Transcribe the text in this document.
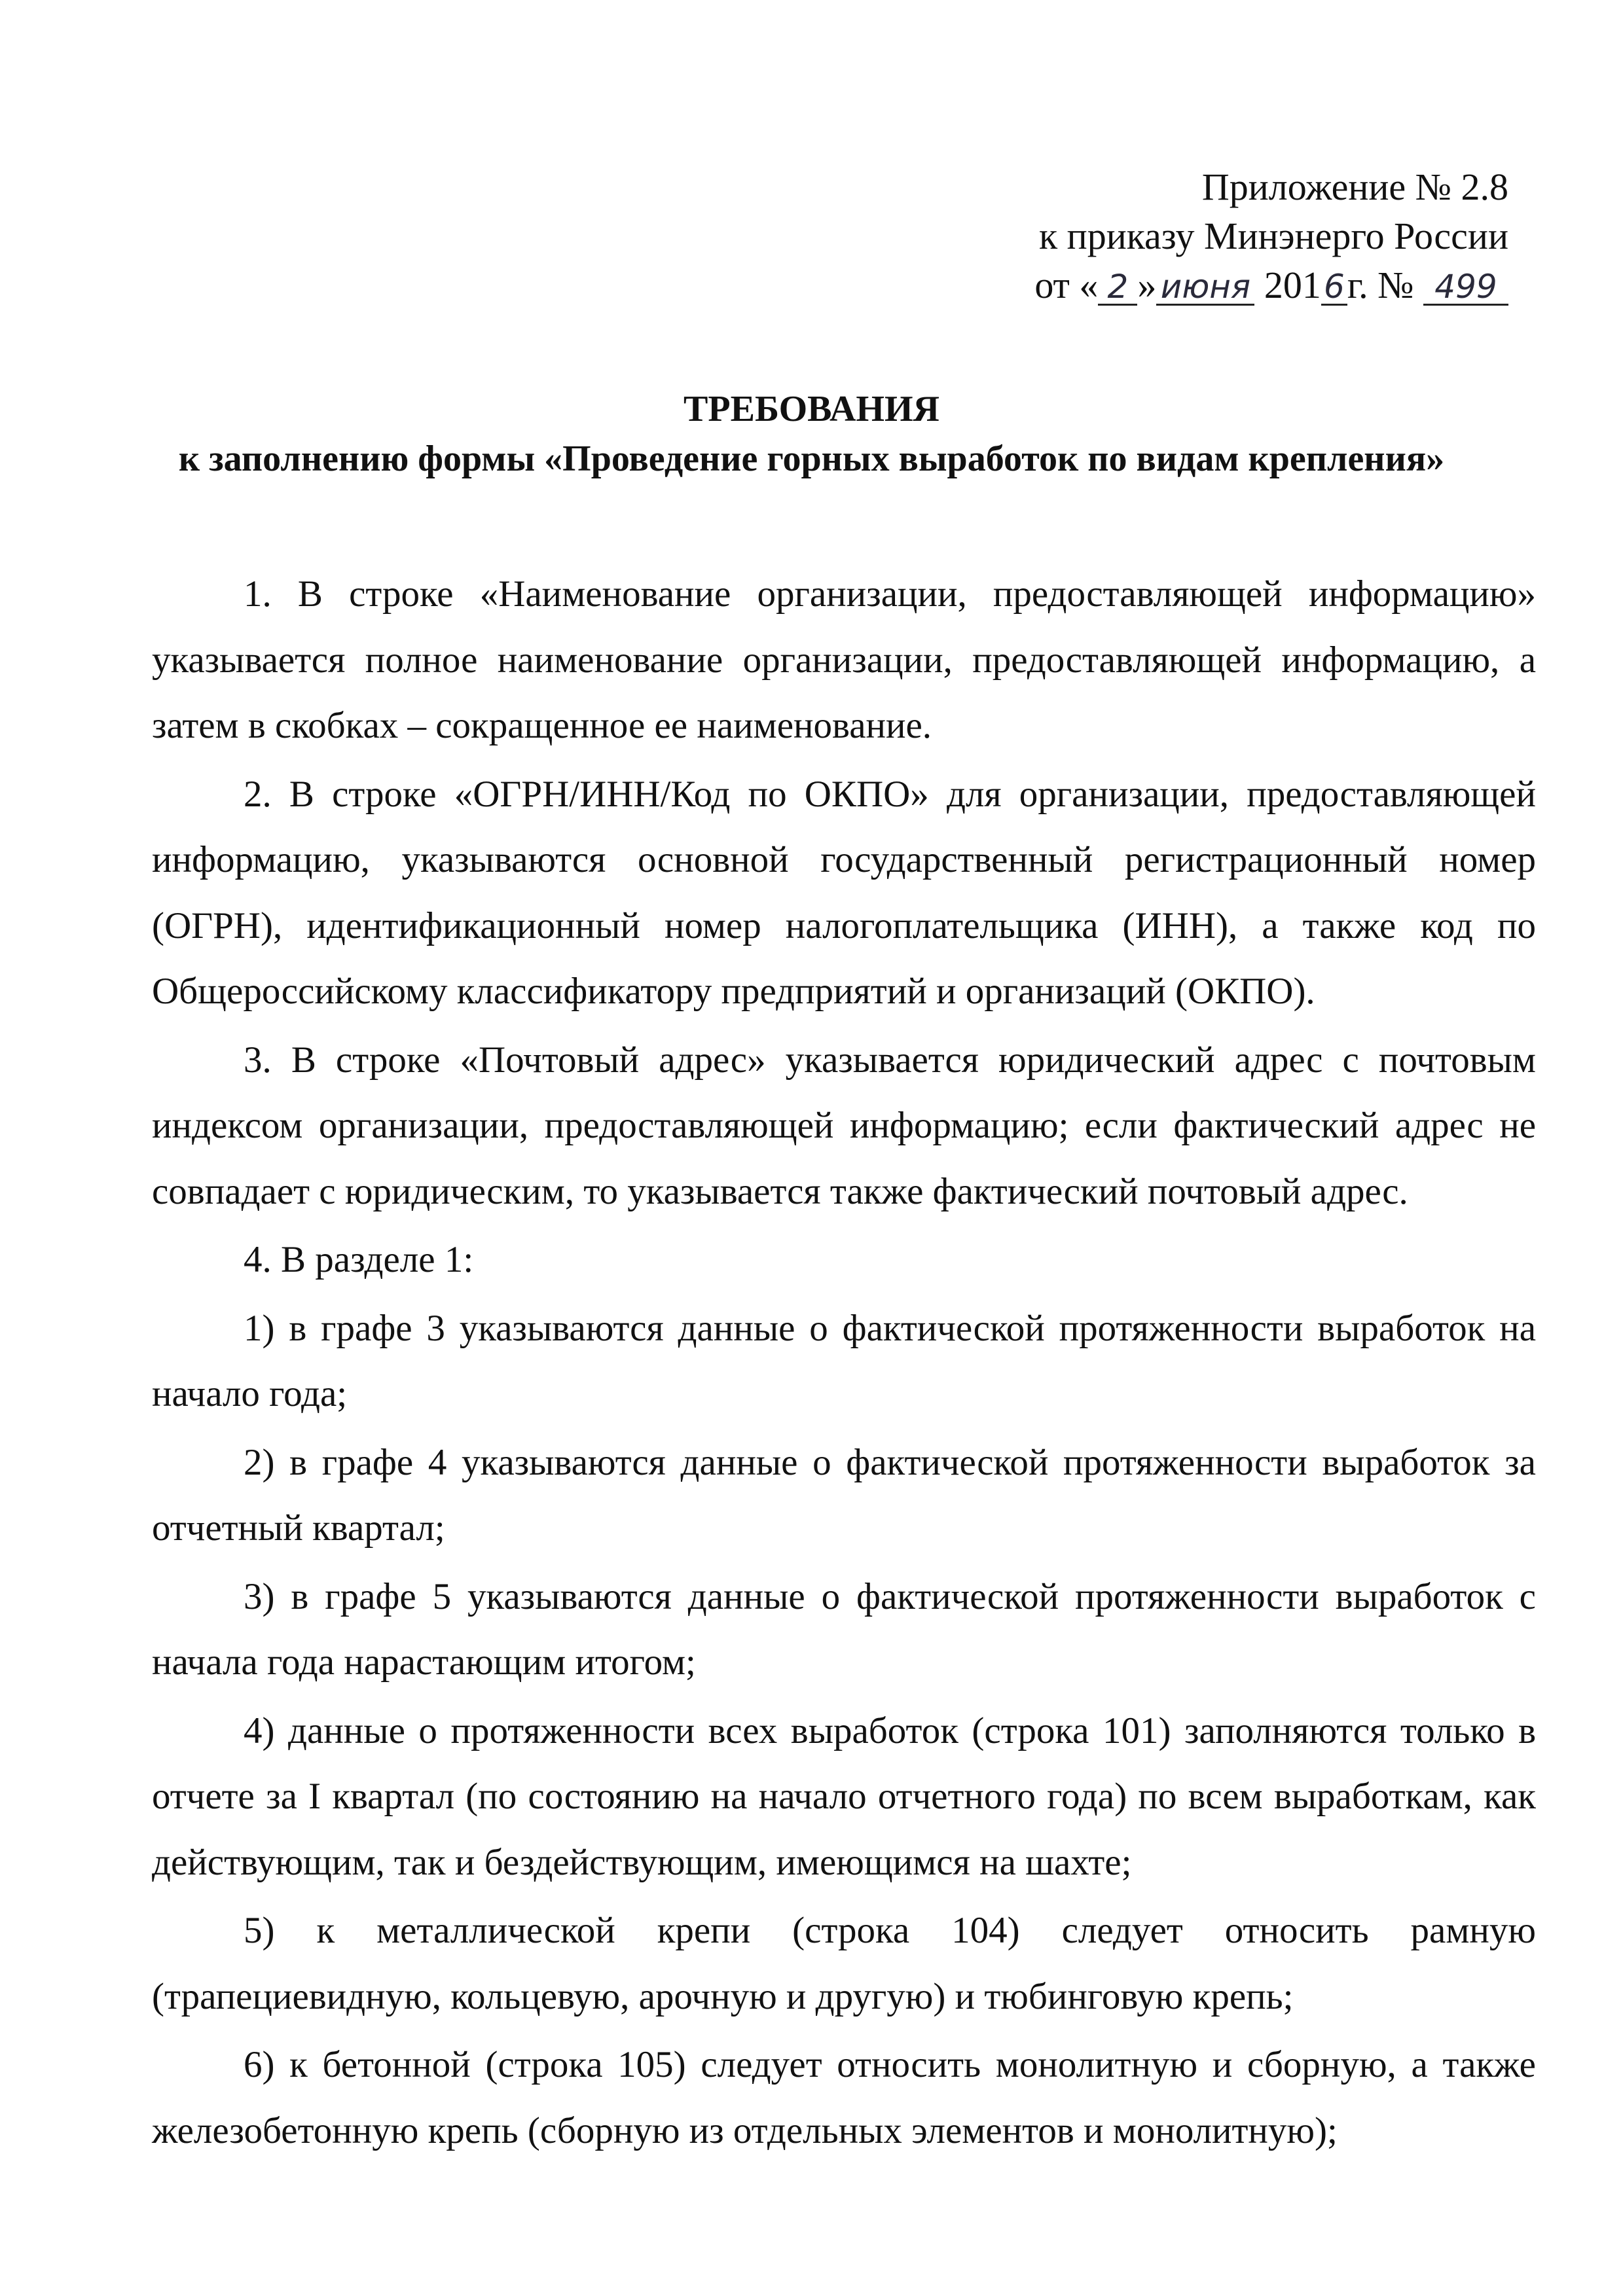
Приложение № 2.8
к приказу Минэнерго России
от « 2 » июня 2016г. № 499
ТРЕБОВАНИЯ
к заполнению формы «Проведение горных выработок по видам крепления»

1. В строке «Наименование организации, предоставляющей информацию» указывается полное наименование организации, предоставляющей информацию, а затем в скобках – сокращенное ее наименование.

2. В строке «ОГРН/ИНН/Код по ОКПО» для организации, предоставляющей информацию, указываются основной государственный регистрационный номер (ОГРН), идентификационный номер налогоплательщика (ИНН), а также код по Общероссийскому классификатору предприятий и организаций (ОКПО).

3. В строке «Почтовый адрес» указывается юридический адрес с почтовым индексом организации, предоставляющей информацию; если фактический адрес не совпадает с юридическим, то указывается также фактический почтовый адрес.

4. В разделе 1:

1) в графе 3 указываются данные о фактической протяженности выработок на начало года;

2) в графе 4 указываются данные о фактической протяженности выработок за отчетный квартал;

3) в графе 5 указываются данные о фактической протяженности выработок с начала года нарастающим итогом;

4) данные о протяженности всех выработок (строка 101) заполняются только в отчете за I квартал (по состоянию на начало отчетного года) по всем выработкам, как действующим, так и бездействующим, имеющимся на шахте;

5) к металлической крепи (строка 104) следует относить рамную (трапециевидную, кольцевую, арочную и другую) и тюбинговую крепь;

6) к бетонной (строка 105) следует относить монолитную и сборную, а также железобетонную крепь (сборную из отдельных элементов и монолитную);
